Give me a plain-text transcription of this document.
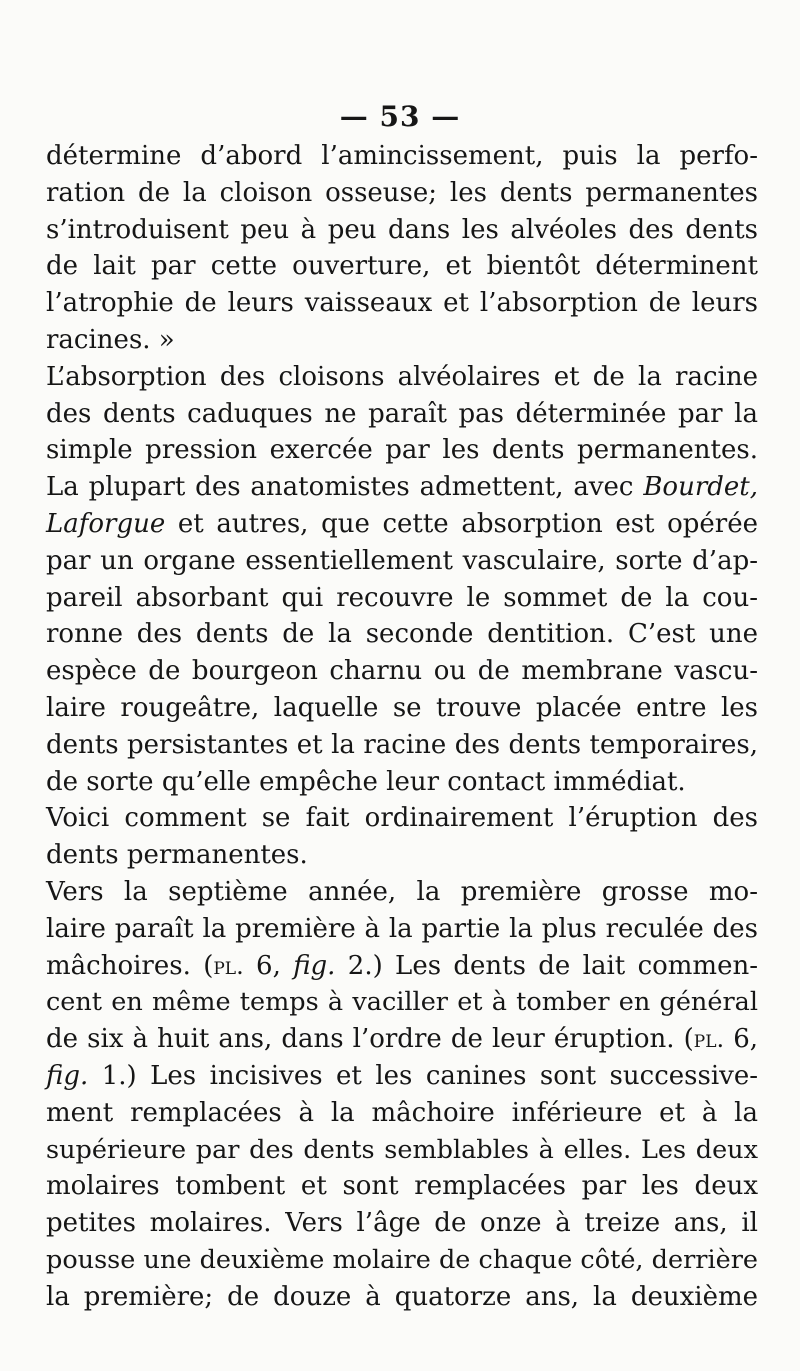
— 53 —
détermine d’abord l’amincissement, puis la perfo-
ration de la cloison osseuse; les dents permanentes
s’introduisent peu à peu dans les alvéoles des dents
de lait par cette ouverture, et bientôt déterminent
l’atrophie de leurs vaisseaux et l’absorption de leurs
racines. »
L’absorption des cloisons alvéolaires et de la racine
des dents caduques ne paraît pas déterminée par la
simple pression exercée par les dents permanentes.
La plupart des anatomistes admettent, avec Bourdet,
Laforgue et autres, que cette absorption est opérée
par un organe essentiellement vasculaire, sorte d’ap-
pareil absorbant qui recouvre le sommet de la cou-
ronne des dents de la seconde dentition. C’est une
espèce de bourgeon charnu ou de membrane vascu-
laire rougeâtre, laquelle se trouve placée entre les
dents persistantes et la racine des dents temporaires,
de sorte qu’elle empêche leur contact immédiat.
Voici comment se fait ordinairement l’éruption des
dents permanentes.
Vers la septième année, la première grosse mo-
laire paraît la première à la partie la plus reculée des
mâchoires. (pl. 6, fig. 2.) Les dents de lait commen-
cent en même temps à vaciller et à tomber en général
de six à huit ans, dans l’ordre de leur éruption. (pl. 6,
fig. 1.) Les incisives et les canines sont successive-
ment remplacées à la mâchoire inférieure et à la
supérieure par des dents semblables à elles. Les deux
molaires tombent et sont remplacées par les deux
petites molaires. Vers l’âge de onze à treize ans, il
pousse une deuxième molaire de chaque côté, derrière
la première; de douze à quatorze ans, la deuxième
